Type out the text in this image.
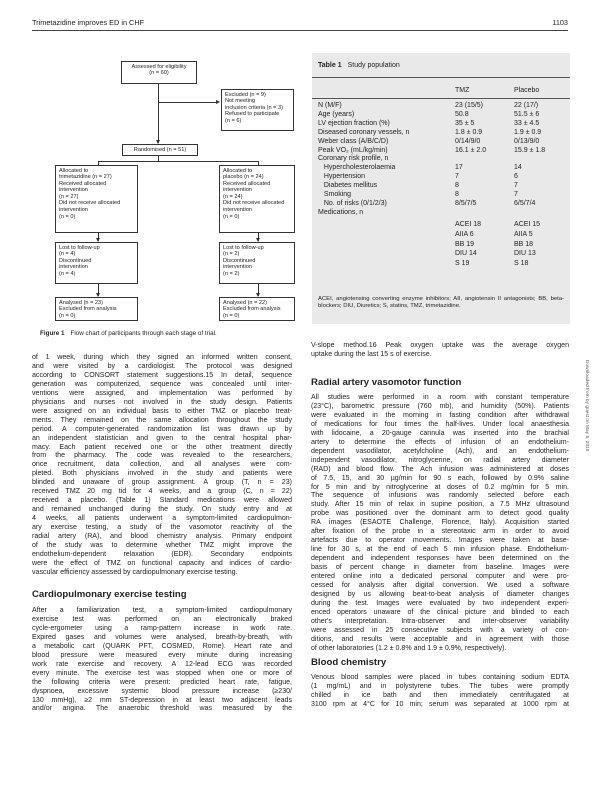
Trimetazidine improves ED in CHF	1103
Assessed for eligibility
(n = 60)
Excluded (n = 9)
Not meeting
inclusion criteria (n = 3)
Refused to participate
(n = 6)
Randomised (n = 51)
Allocated to
trimetazidine (n = 27)
Received allocated
intervention
(n = 27)
Did not receive allocated
intervention
(n = 0)
Allocated to
placebo (n = 24)
Received allocated
intervention
(n = 24)
Did not receive allocated
intervention
(n = 0)
Lost to follow-up
(n = 4)
Discontinued
intervention
(n = 4)
Lost to follow-up
(n = 2)
Discontinued
intervention
(n = 2)
Analysed (n = 23)
Excluded from analysis
(n = 0)
Analysed (n = 22)
Excluded from analysis
(n = 0)
Figure 1 Flow chart of participants through each stage of trial.
Table 1 Study population
TMZ	Placebo
N (M/F)	23 (15/5)	22 (17/)
Age (years)	50.8	51.5 ± 6
LV ejection fraction (%)	35 ± 5	33 ± 4.5
Diseased coronary vessels, n	1.8 ± 0.9	1.9 ± 0.9
Weber class (A/B/C/D)	0/14/9/0	0/13/9/0
Peak VO₂ (mL/kg/min)	16.1 ± 2.0	15.9 ± 1.8
Coronary risk profile, n
Hypercholesterolaemia	17	14
Hypertension	7	6
Diabetes mellitus	8	7
Smoking	8	7
No. of risks (0/1/2/3)	8/5/7/5	6/5/7/4
Medications, n
ACEI 18	ACEI 15
AIIA 6	AIIA 5
BB 19	BB 18
DIU 14	DIU 13
S 19	S 18
ACEI, angiotensing converting enzyme inhibitors; AII, angiotensin II antagonists; BB, beta-blockers; DIU, Diuretics; S, statins, TMZ, trimetazidine.
of 1 week, during which they signed an informed written consent,
and were visited by a cardiologist. The protocol was designed
according to CONSORT statement suggestions.15 In detail, sequence
generation was computerized, sequence was concealed until inter-
ventions were assigned, and implementation was performed by
physicians and nurses not involved in the study design. Patients
were assigned on an individual basis to either TMZ or placebo treat-
ments. They remained on the same allocation throughout the study
period. A computer-generated randomization list was drawn up by
an independent statistician and given to the central hospital phar-
macy. Each patient received one or the other treatment directly
from the pharmacy. The code was revealed to the researchers,
once recruitment, data collection, and all analyses were com-
pleted. Both physicians involved in the study and patients were
blinded and unaware of group assignment. A group (T, n = 23)
received TMZ 20 mg tid for 4 weeks, and a group (C, n = 22)
received a placebo. (Table 1) Standard medications were allowed
and remained unchanged during the study. On study entry and at
4 weeks, all patients underwent a symptom-limited cardiopulmon-
ary exercise testing, a study of the vasomotor reactivity of the
radial artery (RA), and blood chemistry analysis. Primary endpoint
of the study was to determine whether TMZ might improve the
endothelium-dependent relaxation (EDR). Secondary endpoints
were the effect of TMZ on functional capacity and indices of cardio-
vascular efficiency assessed by cardiopulmonary exercise testing.
Cardiopulmonary exercise testing
After a familiarization test, a symptom-limited cardiopulmonary
exercise test was performed on an electronically braked
cycle-ergometer using a ramp-pattern increase in work rate.
Expired gases and volumes were analysed, breath-by-breath, with
a metabolic cart (QUARK PFT, COSMED, Rome). Heart rate and
blood pressure were measured every minute during increasing
work rate exercise and recovery. A 12-lead ECG was recorded
every minute. The exercise test was stopped when one or more of
the following criteria were present: predicted heart rate, fatigue,
dyspnoea, excessive systemic blood pressure increase (≥230/
130 mmHg), ≥2 mm ST-depression in at least two adjacent leads
and/or angina. The anaerobic threshold was measured by the
V-slope method.16 Peak oxygen uptake was the average oxygen
uptake during the last 15 s of exercise.
Radial artery vasomotor function
All studies were performed in a room with constant temperature
(23°C), barometric pressure (760 mb), and humidity (50%). Patients
were evaluated in the morning in fasting condition after withdrawal
of medications for four times the half-lives. Under local anaesthesia
with lidocaine, a 20-gauge cannula was inserted into the brachial
artery to determine the effects of infusion of an endothelium-
dependent vasodilator, acetylcholine (Ach), and an endothelium-
independent vasodilator, nitroglycerine, on radial artery diameter
(RAD) and blood flow. The Ach infusion was administered at doses
of 7.5, 15, and 30 µg/min for 90 s each, followed by 0.9% saline
for 5 min and by nitroglycerine at doses of 0.2 mg/min for 5 min.
The sequence of infusions was randomly selected before each
study. After 15 min of relax in supine position, a 7.5 MHz ultrasound
probe was positioned over the dominant arm to detect good quality
RA images (ESAOTE Challenge, Florence, Italy). Acquisition started
after fixation of the probe in a stereotaxic arm in order to avoid
artefacts due to operator movements. Images were taken at base-
line for 30 s, at the end of each 5 min infusion phase. Endothelium-
dependent and independent responses have been determined on the
basis of percent change in diameter from baseline. Images were
entered online into a dedicated personal computer and were pro-
cessed for analysis after digital conversion. We used a software
designed by us allowing beat-to-beat analysis of diameter changes
during the test. Images were evaluated by two independent experi-
enced operators unaware of the clinical picture and blinded to each
other's interpretation. Intra-observer and inter-observer variability
were assessed in 25 consecutive subjects with a variety of con-
ditions, and results were acceptable and in agreement with those
of other laboratories (1.2 ± 0.8% and 1.9 ± 0.9%, respectively).
Blood chemistry
Venous blood samples were placed in tubes containing sodium EDTA
(1 mg/mL) and in polystyrene tubes. The tubes were promptly
chilled in ice bath and then immediately centrifugated at
3100 rpm at 4°C for 10 min; serum was separated at 1000 rpm at
Downloaded from by guest on May 5, 2015
